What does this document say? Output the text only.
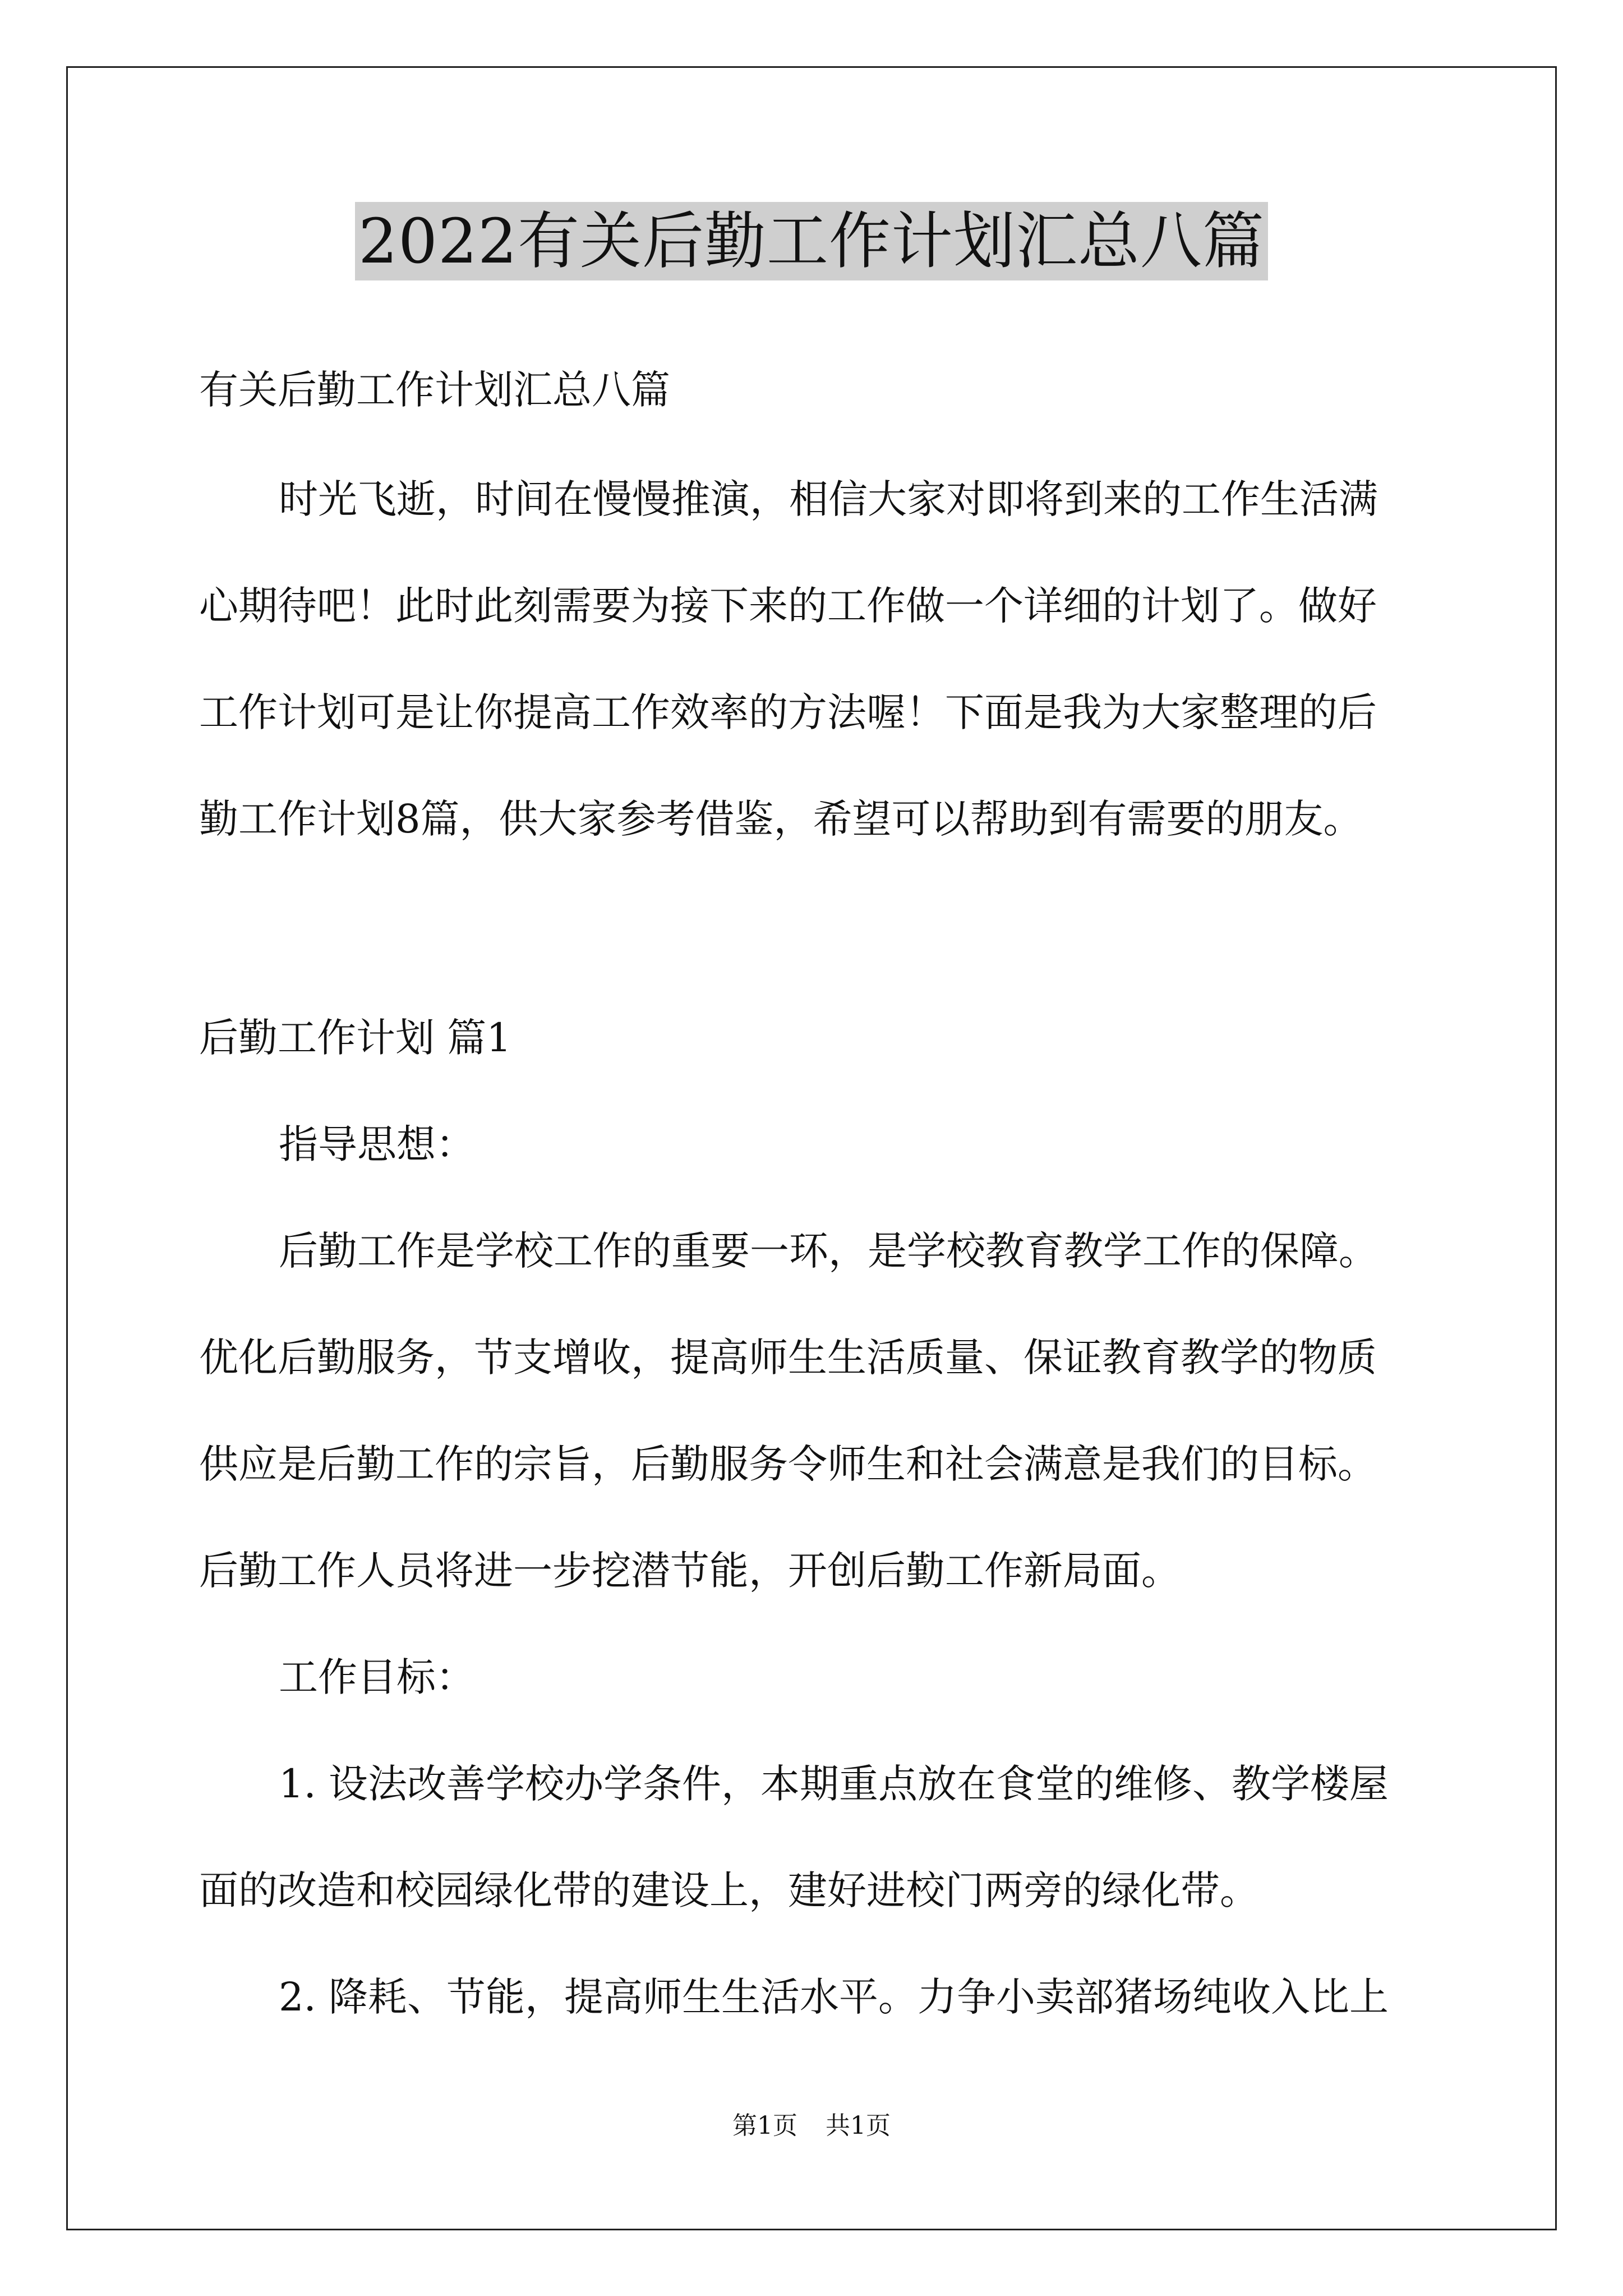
2022有关后勤工作计划汇总八篇
有关后勤工作计划汇总八篇
时光飞逝，时间在慢慢推演，相信大家对即将到来的工作生活满
心期待吧！此时此刻需要为接下来的工作做一个详细的计划了。做好
工作计划可是让你提高工作效率的方法喔！下面是我为大家整理的后
勤工作计划8篇，供大家参考借鉴，希望可以帮助到有需要的朋友。
后勤工作计划 篇1
指导思想：
后勤工作是学校工作的重要一环，是学校教育教学工作的保障。
优化后勤服务，节支增收，提高师生生活质量、保证教育教学的物质
供应是后勤工作的宗旨，后勤服务令师生和社会满意是我们的目标。
后勤工作人员将进一步挖潜节能，开创后勤工作新局面。
工作目标：
1. 设法改善学校办学条件，本期重点放在食堂的维修、教学楼屋
面的改造和校园绿化带的建设上，建好进校门两旁的绿化带。
2. 降耗、节能，提高师生生活水平。力争小卖部猪场纯收入比上
第1页 共1页
